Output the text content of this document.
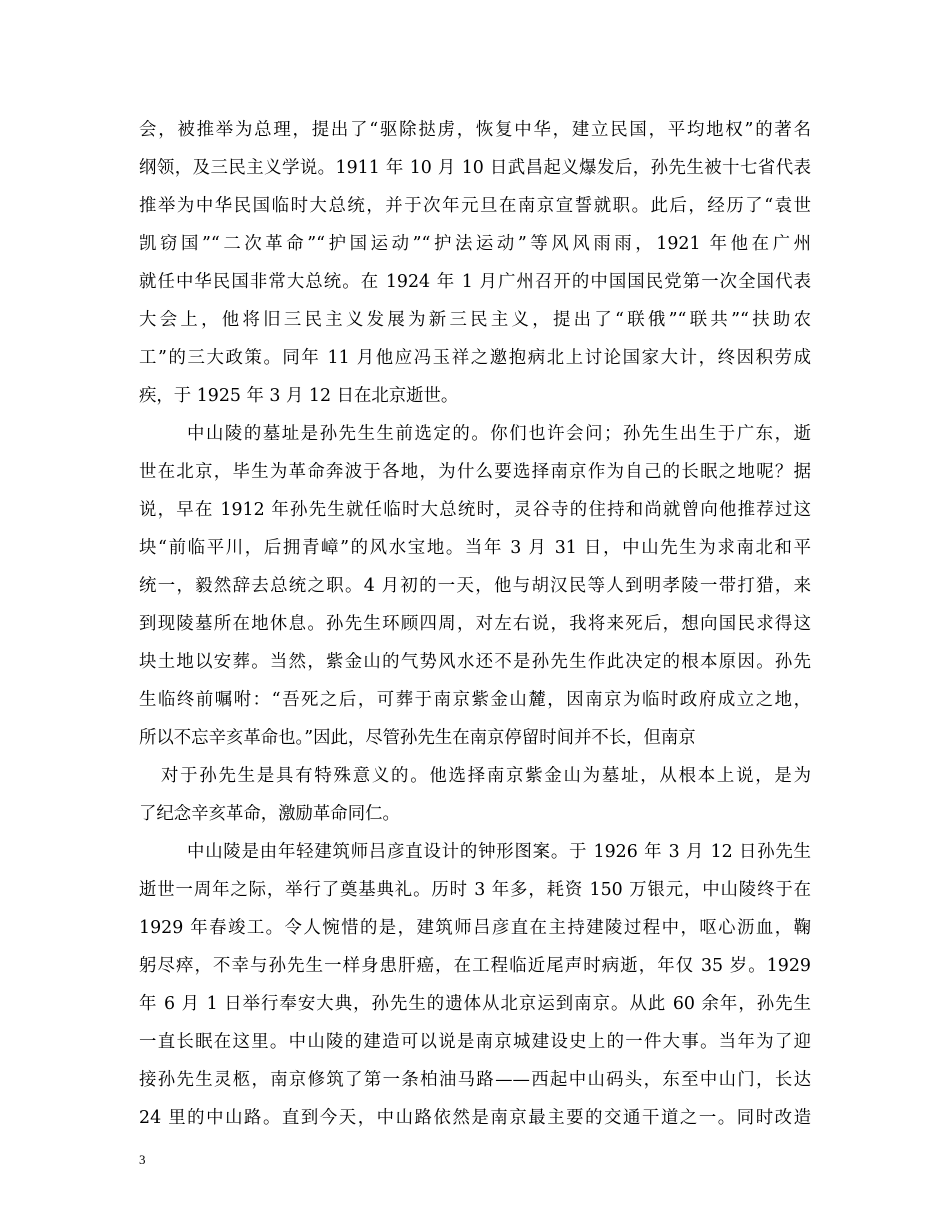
会，被推举为总理，提出了“驱除挞虏，恢复中华，建立民国，平均地权”的著名
纲领，及三民主义学说。1911 年 10 月 10 日武昌起义爆发后，孙先生被十七省代表
推举为中华民国临时大总统，并于次年元旦在南京宣誓就职。此后，经历了“袁世
凯窃国”“二次革命”“护国运动”“护法运动”等风风雨雨，1921 年他在广州
就任中华民国非常大总统。在 1924 年 1 月广州召开的中国国民党第一次全国代表
大会上，他将旧三民主义发展为新三民主义，提出了“联俄”“联共”“扶助农
工”的三大政策。同年 11 月他应冯玉祥之邀抱病北上讨论国家大计，终因积劳成
疾，于 1925 年 3 月 12 日在北京逝世。
中山陵的墓址是孙先生生前选定的。你们也许会问；孙先生出生于广东，逝
世在北京，毕生为革命奔波于各地，为什么要选择南京作为自己的长眠之地呢？据
说，早在 1912 年孙先生就任临时大总统时，灵谷寺的住持和尚就曾向他推荐过这
块“前临平川，后拥青嶂”的风水宝地。当年 3 月 31 日，中山先生为求南北和平
统一，毅然辞去总统之职。4 月初的一天，他与胡汉民等人到明孝陵一带打猎，来
到现陵墓所在地休息。孙先生环顾四周，对左右说，我将来死后，想向国民求得这
块土地以安葬。当然，紫金山的气势风水还不是孙先生作此决定的根本原因。孙先
生临终前嘱咐：“吾死之后，可葬于南京紫金山麓，因南京为临时政府成立之地，
所以不忘辛亥革命也。”因此，尽管孙先生在南京停留时间并不长，但南京
对于孙先生是具有特殊意义的。他选择南京紫金山为墓址，从根本上说，是为
了纪念辛亥革命，激励革命同仁。
中山陵是由年轻建筑师吕彦直设计的钟形图案。于 1926 年 3 月 12 日孙先生
逝世一周年之际，举行了奠基典礼。历时 3 年多，耗资 150 万银元，中山陵终于在
1929 年春竣工。令人惋惜的是，建筑师吕彦直在主持建陵过程中，呕心沥血，鞠
躬尽瘁，不幸与孙先生一样身患肝癌，在工程临近尾声时病逝，年仅 35 岁。1929
年 6 月 1 日举行奉安大典，孙先生的遗体从北京运到南京。从此 60 余年，孙先生
一直长眠在这里。中山陵的建造可以说是南京城建设史上的一件大事。当年为了迎
接孙先生灵柩，南京修筑了第一条柏油马路——西起中山码头，东至中山门，长达
24 里的中山路。直到今天，中山路依然是南京最主要的交通干道之一。同时改造
3
